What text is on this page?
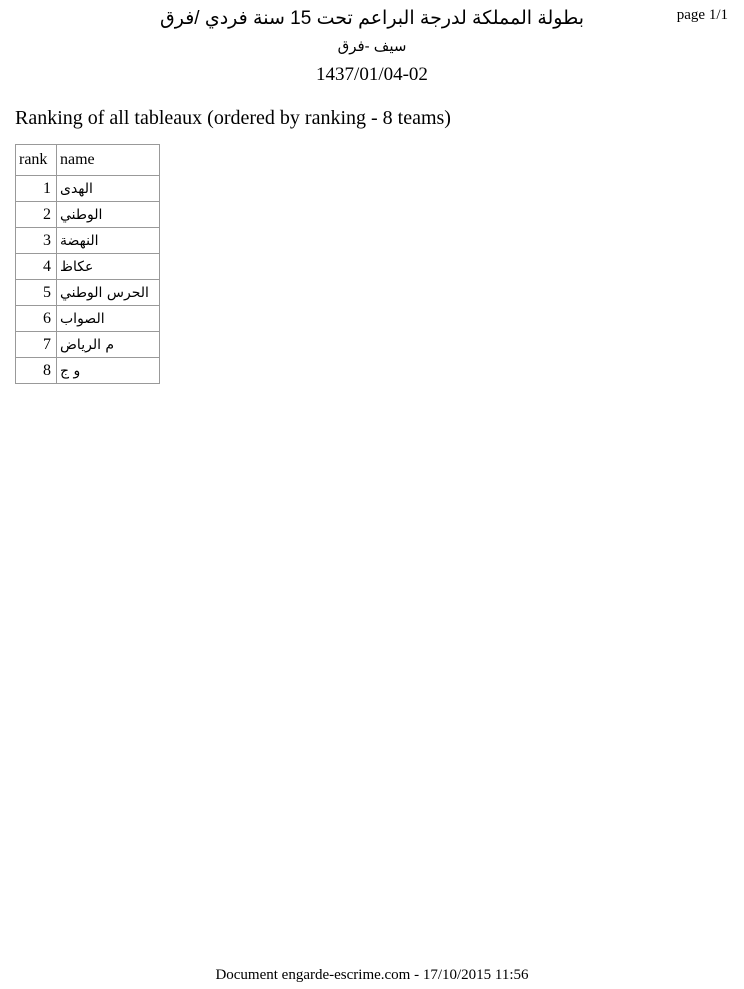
page 1/1
بطولة المملكة لدرجة البراعم تحت 15 سنة فردي /فرق
سيف -فرق
1437/01/04-02
Ranking of all tableaux (ordered by ranking - 8 teams)
rank	name
1	الهدى
2	الوطني
3	النهضة
4	عكاظ
5	الحرس الوطني
6	الصواب
7	م الرياض
8	و ج
Document engarde-escrime.com - 17/10/2015 11:56
